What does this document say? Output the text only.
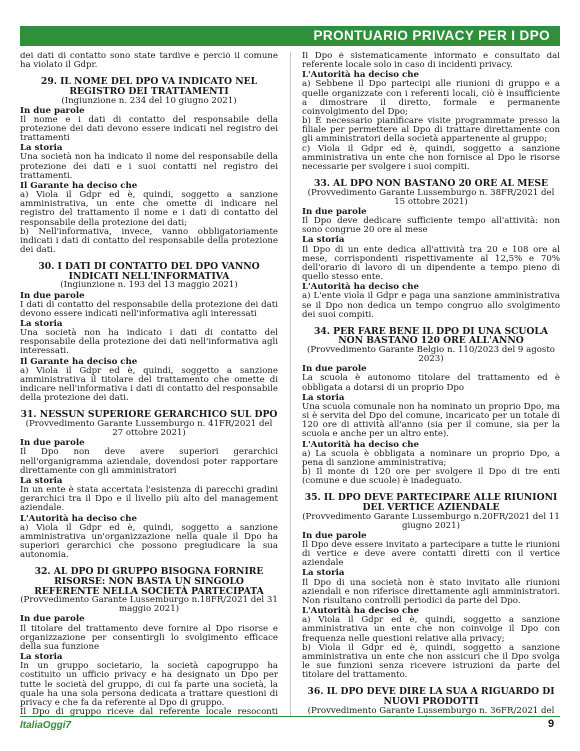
PRONTUARIO PRIVACY PER I DPO

dei dati di contatto sono state tardive e perciò il comune ha violato il Gdpr.

29. IL NOME DEL DPO VA INDICATO NEL REGISTRO DEI TRATTAMENTI

(Ingiunzione n. 234 del 10 giugno 2021)

In due parole

Il nome e i dati di contatto del responsabile della protezione dei dati devono essere indicati nel registro dei trattamenti

La storia

Una società non ha indicato il nome del responsabile della protezione dei dati e i suoi contatti nel registro dei trattamenti.

Il Garante ha deciso che

a) Viola il Gdpr ed è, quindi, soggetto a sanzione amministrativa, un ente che omette di indicare nel registro del trattamento il nome e i dati di contatto del responsabile della protezione dei dati;

b) Nell'informativa, invece, vanno obbligatoriamente indicati i dati di contatto del responsabile della protezione dei dati.

30. I DATI DI CONTATTO DEL DPO VANNO INDICATI NELL'INFORMATIVA

(Ingiunzione n. 193 del 13 maggio 2021)

In due parole

I dati di contatto del responsabile della protezione dei dati devono essere indicati nell'informativa agli interessati

La storia

Una società non ha indicato i dati di contatto del responsabile della protezione dei dati nell'informativa agli interessati.

Il Garante ha deciso che

a) Viola il Gdpr ed è, quindi, soggetto a sanzione amministrativa il titolare del trattamento che omette di indicare nell'informativa i dati di contatto del responsabile della protezione dei dati.

31. NESSUN SUPERIORE GERARCHICO SUL DPO

(Provvedimento Garante Lussemburgo n. 41FR/2021 del 27 ottobre 2021)

In due parole

Il Dpo non deve avere superiori gerarchici nell'organigramma aziendale, dovendosi poter rapportare direttamente con gli amministratori

La storia

In un ente è stata accertata l'esistenza di parecchi gradini gerarchici tra il Dpo e il livello più alto del management aziendale.

L'Autorità ha deciso che

a) Viola il Gdpr ed è, quindi, soggetto a sanzione amministrativa un'organizzazione nella quale il Dpo ha superiori gerarchici che possono pregiudicare la sua autonomia.

32. AL DPO DI GRUPPO BISOGNA FORNIRE RISORSE: NON BASTA UN SINGOLO REFERENTE NELLA SOCIETÀ PARTECIPATA

(Provvedimento Garante Lussemburgo n.18FR/2021 del 31 maggio 2021)

In due parole

Il titolare del trattamento deve fornire al Dpo risorse e organizzazione per consentirgli lo svolgimento efficace della sua funzione

La storia

In un gruppo societario, la società capogruppo ha costituito un ufficio privacy e ha designato un Dpo per tutte le società del gruppo, di cui fa parte una società, la quale ha una sola persona dedicata a trattare questioni di privacy e che fa da referente al Dpo di gruppo.

Il Dpo di gruppo riceve dal referente locale resoconti

Il Dpo è sistematicamente informato e consultato dal referente locale solo in caso di incidenti privacy.

L'Autorità ha deciso che

a) Sebbene il Dpo partecipi alle riunioni di gruppo e a quelle organizzate con i referenti locali, ciò è insufficiente a dimostrare il diretto, formale e permanente coinvolgimento del Dpo;

b) È necessario pianificare visite programmate presso la filiale per permettere al Dpo di trattare direttamente con gli amministratori della società appartenente al gruppo;

c) Viola il Gdpr ed è, quindi, soggetto a sanzione amministrativa un ente che non fornisce al Dpo le risorse necessarie per svolgere i suoi compiti.

33. AL DPO NON BASTANO 20 ORE AL MESE

(Provvedimento Garante Lussemburgo n. 38FR/2021 del 15 ottobre 2021)

In due parole

Il Dpo deve dedicare sufficiente tempo all'attività: non sono congrue 20 ore al mese

La storia

Il Dpo di un ente dedica all'attività tra 20 e 108 ore al mese, corrispondenti rispettivamente al 12,5% e 70% dell'orario di lavoro di un dipendente a tempo pieno di quello stesso ente.

L'Autorità ha deciso che

a) L'ente viola il Gdpr e paga una sanzione amministrativa se il Dpo non dedica un tempo congruo allo svolgimento dei suoi compiti.

34. PER FARE BENE IL DPO DI UNA SCUOLA NON BASTANO 120 ORE ALL'ANNO

(Provvedimento Garante Belgio n. 110/2023 del 9 agosto 2023)

In due parole

La scuola è autonomo titolare del trattamento ed è obbligata a dotarsi di un proprio Dpo

La storia

Una scuola comunale non ha nominato un proprio Dpo, ma si è servita del Dpo del comune, incaricato per un totale di 120 ore di attività all'anno (sia per il comune, sia per la scuola e anche per un altro ente).

L'Autorità ha deciso che

a) La scuola è obbligata a nominare un proprio Dpo, a pena di sanzione amministrativa;

b) Il monte di 120 ore per svolgere il Dpo di tre enti (comune e due scuole) è inadeguato.

35. IL DPO DEVE PARTECIPARE ALLE RIUNIONI DEL VERTICE AZIENDALE

(Provvedimento Garante Lussemburgo n.20FR/2021 del 11 giugno 2021)

In due parole

Il Dpo deve essere invitato a partecipare a tutte le riunioni di vertice e deve avere contatti diretti con il vertice aziendale

La storia

Il Dpo di una società non è stato invitato alle riunioni aziendali e non riferisce direttamente agli amministratori. Non risultano controlli periodici da parte del Dpo.

L'Autorità ha deciso che

a) Viola il Gdpr ed è, quindi, soggetto a sanzione amministrativa un ente che non coinvolge il Dpo con frequenza nelle questioni relative alla privacy;

b) Viola il Gdpr ed è, quindi, soggetto a sanzione amministrativa un ente che non assicuri che il Dpo svolga le sue funzioni senza ricevere istruzioni da parte del titolare del trattamento.

36. IL DPO DEVE DIRE LA SUA A RIGUARDO DI NUOVI PRODOTTI

(Provvedimento Garante Lussemburgo n. 36FR/2021 del

ItaliaOggi7	9
